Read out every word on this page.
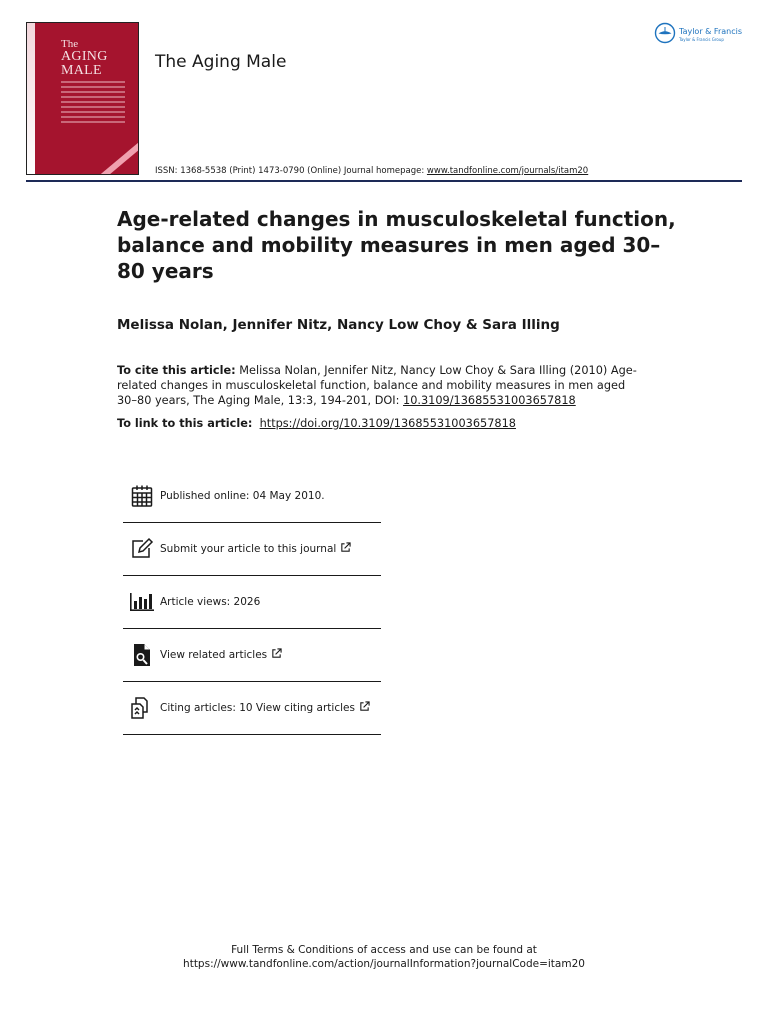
The
AGING
MALE	The Aging Male
Taylor & Francis
Taylor & Francis Group
ISSN: 1368-5538 (Print) 1473-0790 (Online) Journal homepage: www.tandfonline.com/journals/itam20
Age-related changes in musculoskeletal function, balance and mobility measures in men aged 30–80 years
Melissa Nolan, Jennifer Nitz, Nancy Low Choy & Sara Illing
To cite this article: Melissa Nolan, Jennifer Nitz, Nancy Low Choy & Sara Illing (2010) Age-related changes in musculoskeletal function, balance and mobility measures in men aged 30–80 years, The Aging Male, 13:3, 194-201, DOI: 10.3109/13685531003657818
To link to this article: https://doi.org/10.3109/13685531003657818
Published online: 04 May 2010.
Submit your article to this journal
Article views: 2026
View related articles
Citing articles: 10 View citing articles
Full Terms & Conditions of access and use can be found at
https://www.tandfonline.com/action/journalInformation?journalCode=itam20
